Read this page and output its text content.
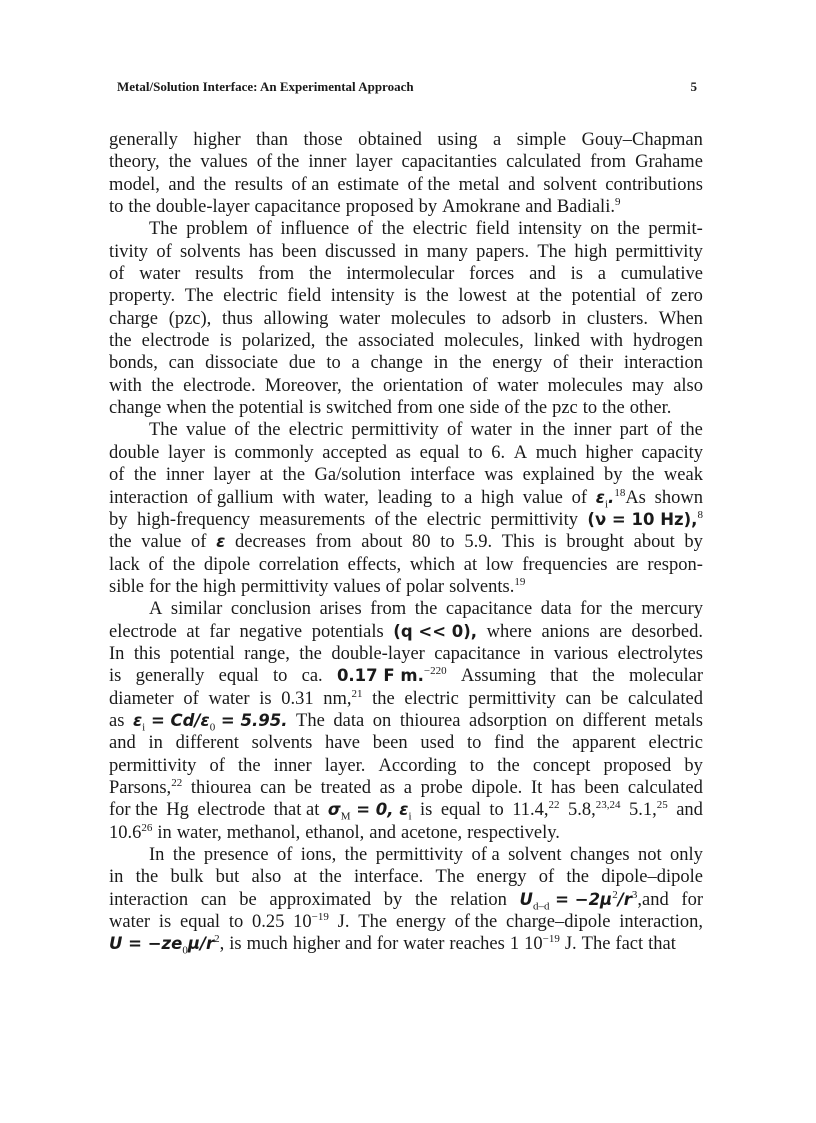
Metal/Solution Interface: An Experimental Approach	5
generally higher than those obtained using a simple Gouy–Chapman
theory, the values of the inner layer capacitanties calculated from Grahame
model, and the results of an estimate of the metal and solvent contributions
to the double-layer capacitance proposed by Amokrane and Badiali.$^9$
The problem of influence of the electric field intensity on the permit-
tivity of solvents has been discussed in many papers. The high permittivity
of water results from the intermolecular forces and is a cumulative
property. The electric field intensity is the lowest at the potential of zero
charge (pzc), thus allowing water molecules to adsorb in clusters. When
the electrode is polarized, the associated molecules, linked with hydrogen
bonds, can dissociate due to a change in the energy of their interaction
with the electrode. Moreover, the orientation of water molecules may also
change when the potential is switched from one side of the pzc to the other.
The value of the electric permittivity of water in the inner part of the
double layer is commonly accepted as equal to 6. A much higher capacity
of the inner layer at the Ga/solution interface was explained by the weak
interaction of gallium with water, leading to a high value of $\varepsilon_i.^{18}As$ shown
by high-frequency measurements of the electric permittivity (ν = 10 Hz),$^8$
the value of ε decreases from about 80 to 5.9. This is brought about by
lack of the dipole correlation effects, which at low frequencies are respon-
sible for the high permittivity values of polar solvents.$^{19}$
A similar conclusion arises from the capacitance data for the mercury
electrode at far negative potentials (q << 0), where anions are desorbed.
In this potential range, the double-layer capacitance in various electrolytes
is generally equal to ca. 0.17 F m.$^{-220}$ Assuming that the molecular
diameter of water is 0.31 nm,$^{21}$ the electric permittivity can be calculated
as $\varepsilon_i = Cd/\varepsilon_0 = 5.95$. The data on thiourea adsorption on different metals
and in different solvents have been used to find the apparent electric
permittivity of the inner layer. According to the concept proposed by
Parsons,$^{22}$ thiourea can be treated as a probe dipole. It has been calculated
for the Hg electrode that at $\sigma_M = 0$, $\varepsilon_i$ is equal to 11.4,22 5.8,$^{23,24}$ 5.1,25 and
10.6$^{26}$ in water, methanol, ethanol, and acetone, respectively.
In the presence of ions, the permittivity of a solvent changes not only
in the bulk but also at the interface. The energy of the dipole–dipole
interaction can be approximated by the relation $U_{d-d} = -2\mu^2/r^3,and$ for
water is equal to 0.25 $10^{-19}$ J. The energy of the charge–dipole interaction,
$U = -ze_0\mu/r^2$, is much higher and for water reaches 1 $10^{-19}$ J. The fact that
